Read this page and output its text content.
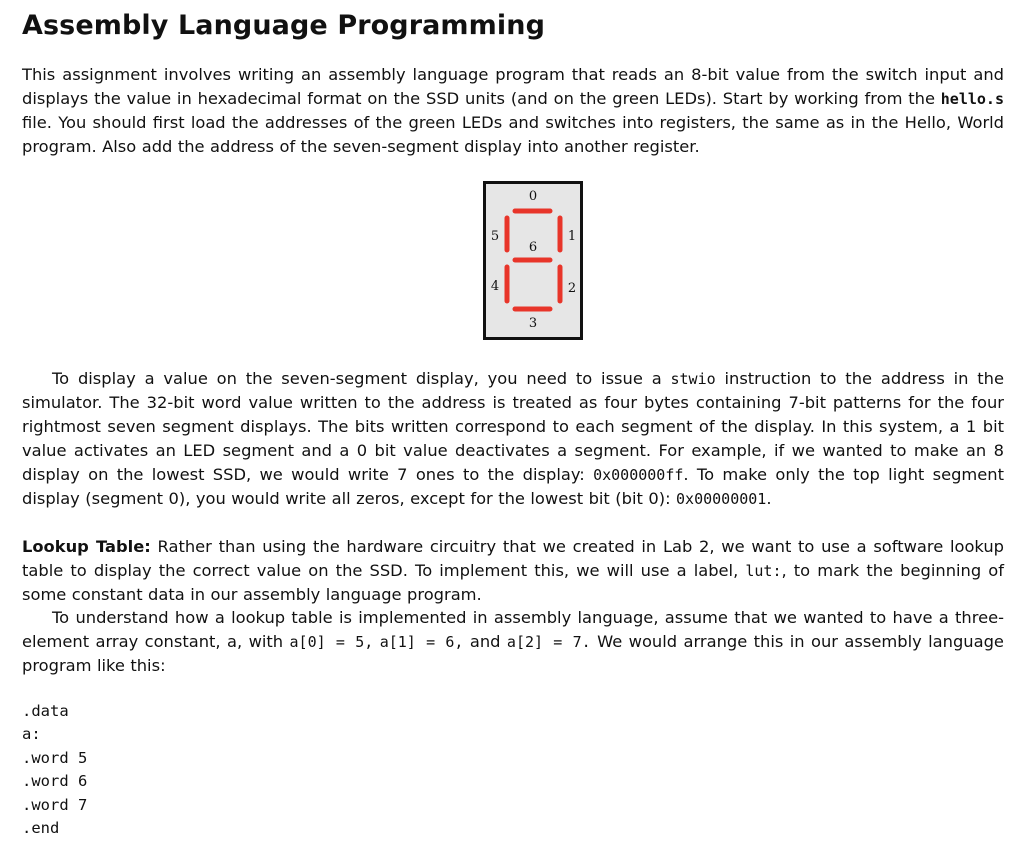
Assembly Language Programming

This assignment involves writing an assembly language program that reads an 8-bit value from the switch input and displays the value in hexadecimal format on the SSD units (and on the green LEDs). Start by working from the hello.s file. You should first load the addresses of the green LEDs and switches into registers, the same as in the Hello, World program. Also add the address of the seven-segment display into another register.

0
1
2
3
4
5
6

To display a value on the seven-segment display, you need to issue a stwio instruction to the address in the simulator. The 32-bit word value written to the address is treated as four bytes containing 7-bit patterns for the four rightmost seven segment displays. The bits written correspond to each segment of the display. In this system, a 1 bit value activates an LED segment and a 0 bit value deactivates a segment. For example, if we wanted to make an 8 display on the lowest SSD, we would write 7 ones to the display: 0x000000ff. To make only the top light segment display (segment 0), you would write all zeros, except for the lowest bit (bit 0): 0x00000001.

Lookup Table: Rather than using the hardware circuitry that we created in Lab 2, we want to use a software lookup table to display the correct value on the SSD. To implement this, we will use a label, lut:, to mark the beginning of some constant data in our assembly language program.

To understand how a lookup table is implemented in assembly language, assume that we wanted to have a three-element array constant, a, with a[0] = 5, a[1] = 6, and a[2] = 7. We would arrange this in our assembly language program like this:

.data
a:
.word 5
.word 6
.word 7
.end
